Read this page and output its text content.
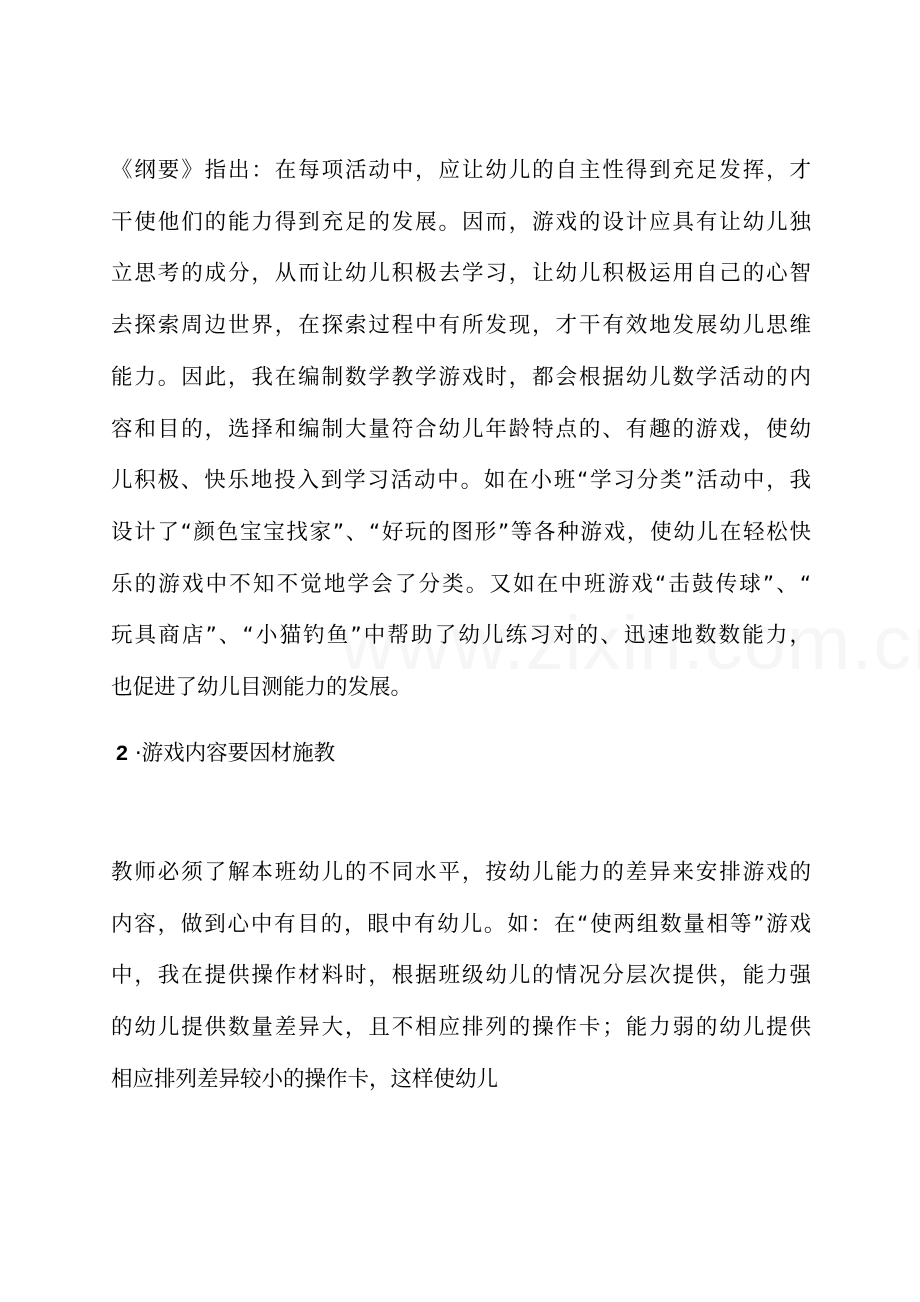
《纲要》指出：在每项活动中，应让幼儿的自主性得到充足发挥，才
干使他们的能力得到充足的发展。因而，游戏的设计应具有让幼儿独
立思考的成分，从而让幼儿积极去学习，让幼儿积极运用自己的心智
去探索周边世界，在探索过程中有所发现，才干有效地发展幼儿思维
能力。因此，我在编制数学教学游戏时，都会根据幼儿数学活动的内
容和目的，选择和编制大量符合幼儿年龄特点的、有趣的游戏，使幼
儿积极、快乐地投入到学习活动中。如在小班“学习分类”活动中，我
设计了“颜色宝宝找家”、“好玩的图形”等各种游戏，使幼儿在轻松快
乐的游戏中不知不觉地学会了分类。又如在中班游戏“击鼓传球”、“
玩具商店”、“小猫钓鱼”中帮助了幼儿练习对的、迅速地数数能力，
也促进了幼儿目测能力的发展。
2 ·游戏内容要因材施教
教师必须了解本班幼儿的不同水平，按幼儿能力的差异来安排游戏的
内容，做到心中有目的，眼中有幼儿。如：在“使两组数量相等”游戏
中，我在提供操作材料时，根据班级幼儿的情况分层次提供，能力强
的幼儿提供数量差异大，且不相应排列的操作卡；能力弱的幼儿提供
相应排列差异较小的操作卡，这样使幼儿
